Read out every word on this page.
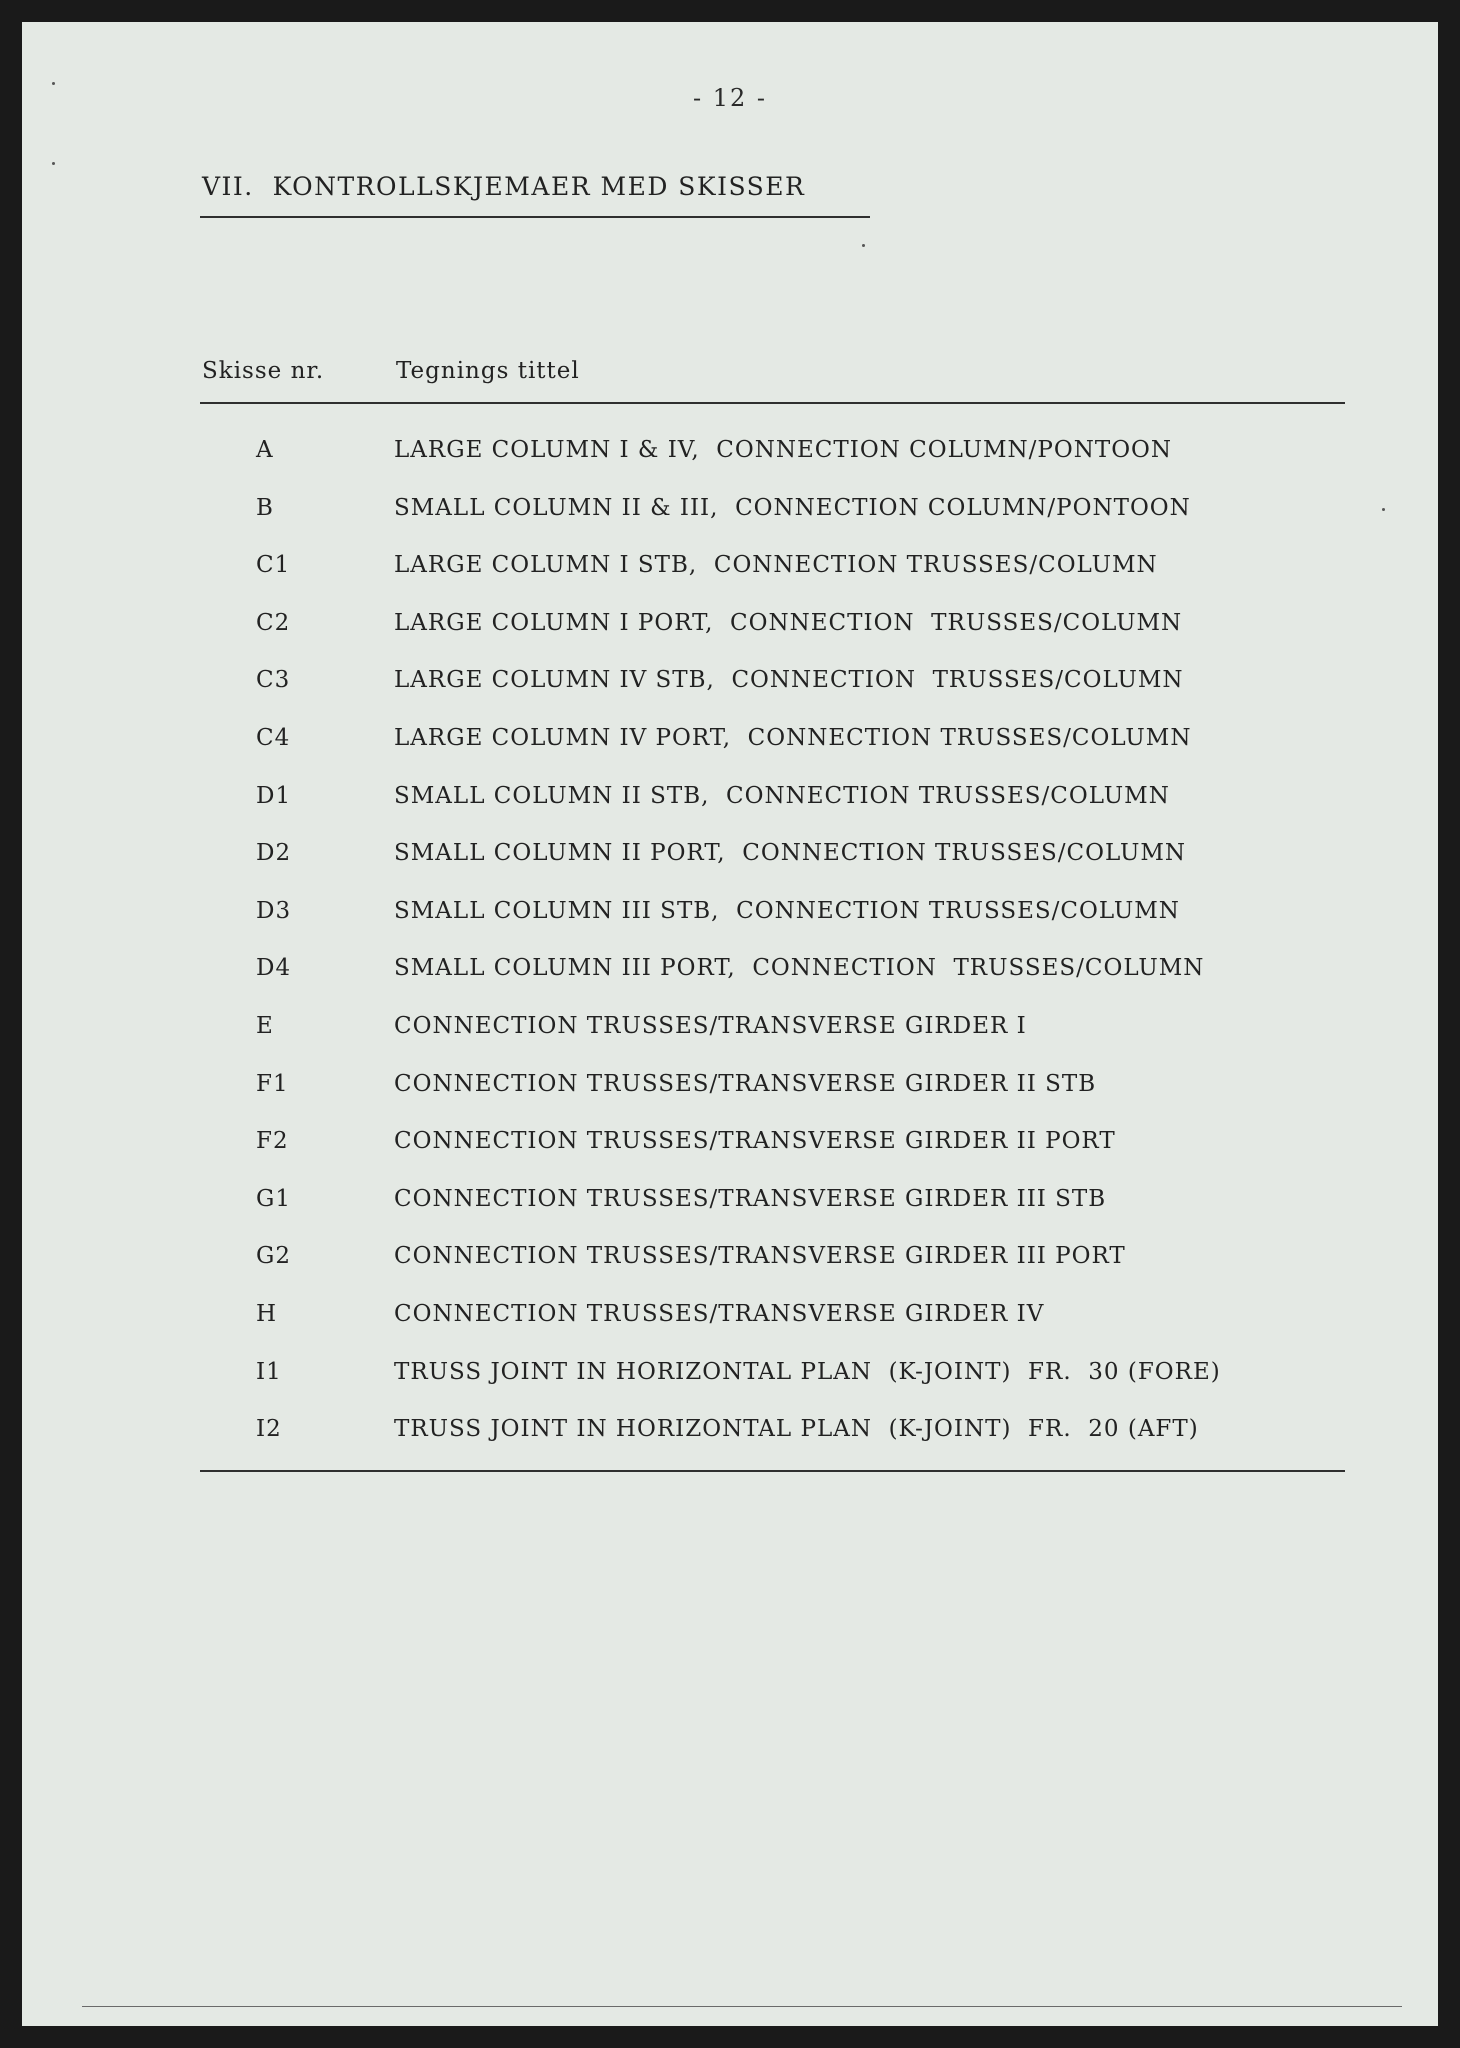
- 12 -
VII.  KONTROLLSKJEMAER MED SKISSER
Skisse nr.	Tegnings tittel
A	LARGE COLUMN I & IV,  CONNECTION COLUMN/PONTOON
B	SMALL COLUMN II & III,  CONNECTION COLUMN/PONTOON
C1	LARGE COLUMN I STB,  CONNECTION TRUSSES/COLUMN
C2	LARGE COLUMN I PORT,  CONNECTION  TRUSSES/COLUMN
C3	LARGE COLUMN IV STB,  CONNECTION  TRUSSES/COLUMN
C4	LARGE COLUMN IV PORT,  CONNECTION TRUSSES/COLUMN
D1	SMALL COLUMN II STB,  CONNECTION TRUSSES/COLUMN
D2	SMALL COLUMN II PORT,  CONNECTION TRUSSES/COLUMN
D3	SMALL COLUMN III STB,  CONNECTION TRUSSES/COLUMN
D4	SMALL COLUMN III PORT,  CONNECTION  TRUSSES/COLUMN
E	CONNECTION TRUSSES/TRANSVERSE GIRDER I
F1	CONNECTION TRUSSES/TRANSVERSE GIRDER II STB
F2	CONNECTION TRUSSES/TRANSVERSE GIRDER II PORT
G1	CONNECTION TRUSSES/TRANSVERSE GIRDER III STB
G2	CONNECTION TRUSSES/TRANSVERSE GIRDER III PORT
H	CONNECTION TRUSSES/TRANSVERSE GIRDER IV
I1	TRUSS JOINT IN HORIZONTAL PLAN  (K-JOINT)  FR.  30 (FORE)
I2	TRUSS JOINT IN HORIZONTAL PLAN  (K-JOINT)  FR.  20 (AFT)
